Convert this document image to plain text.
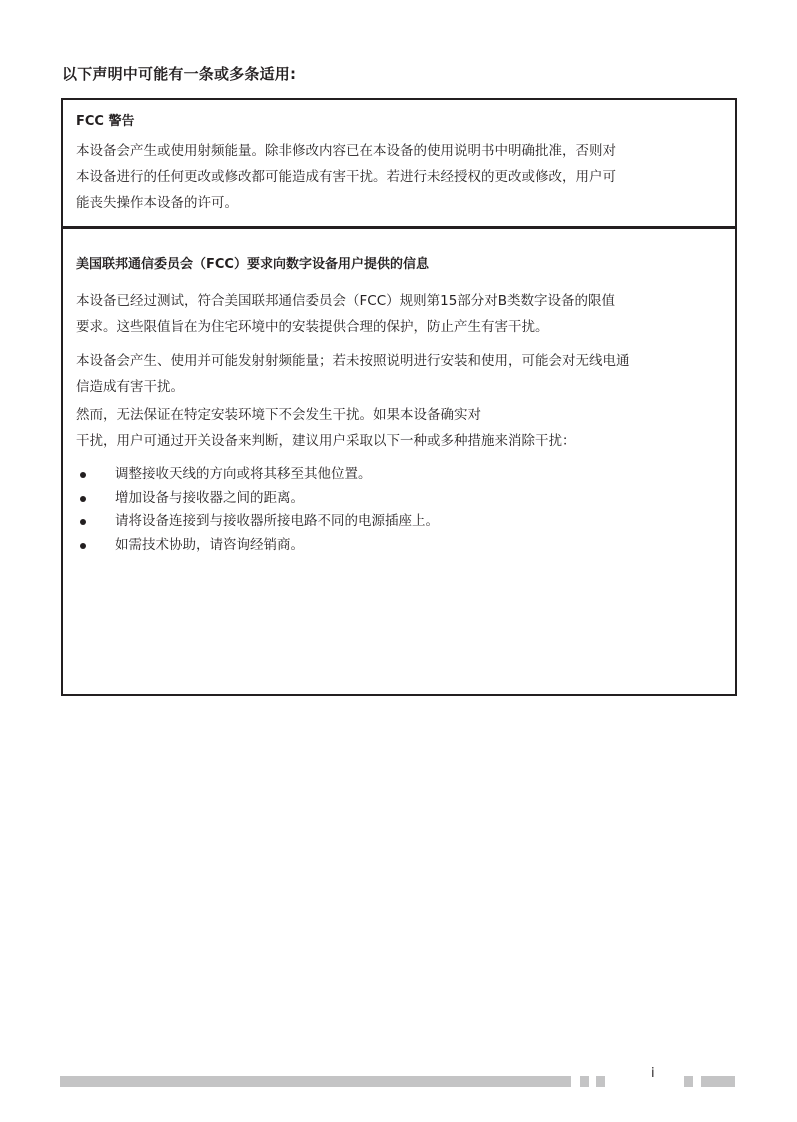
以下声明中可能有一条或多条适用:
FCC 警告
本设备会产生或使用射频能量。除非修改内容已在本设备的使用说明书中明确批准，否则对
本设备进行的任何更改或修改都可能造成有害干扰。若进行未经授权的更改或修改，用户可
能丧失操作本设备的许可。
美国联邦通信委员会（FCC）要求向数字设备用户提供的信息
本设备已经过测试，符合美国联邦通信委员会（FCC）规则第15部分对B类数字设备的限值
要求。这些限值旨在为住宅环境中的安装提供合理的保护，防止产生有害干扰。
本设备会产生、使用并可能发射射频能量；若未按照说明进行安装和使用，可能会对无线电通
信造成有害干扰。
然而，无法保证在特定安装环境下不会发生干扰。如果本设备确实对
干扰，用户可通过开关设备来判断，建议用户采取以下一种或多种措施来消除干扰：
调整接收天线的方向或将其移至其他位置。
增加设备与接收器之间的距离。
请将设备连接到与接收器所接电路不同的电源插座上。
如需技术协助，请咨询经销商。
i
